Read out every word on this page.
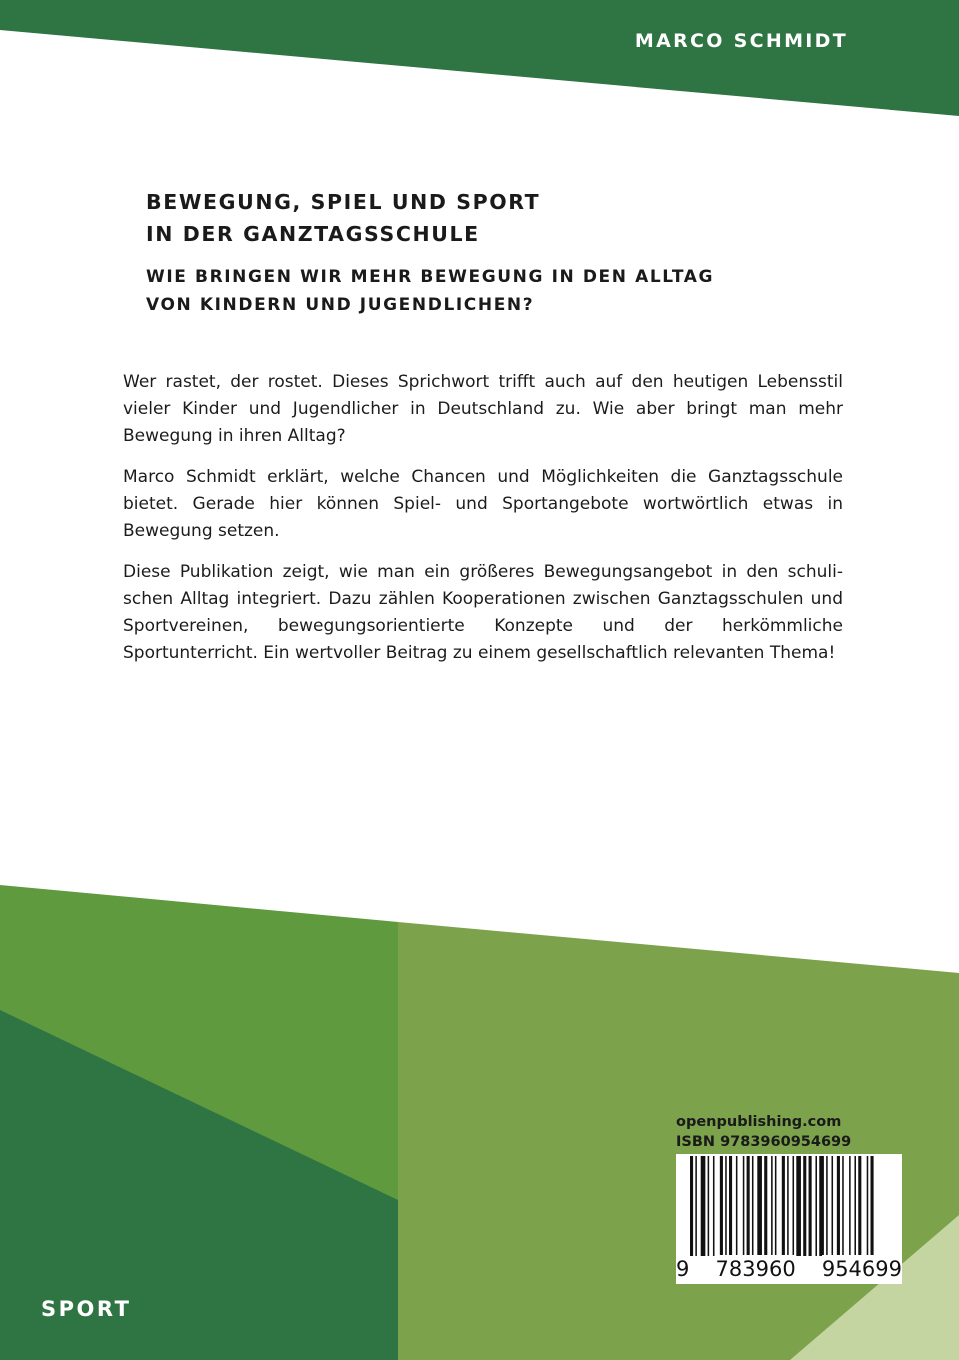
MARCO SCHMIDT
BEWEGUNG, SPIEL UND SPORT
IN DER GANZTAGSSCHULE
WIE BRINGEN WIR MEHR BEWEGUNG IN DEN ALLTAG
VON KINDERN UND JUGENDLICHEN?

Wer rastet, der rostet. Dieses Sprichwort trifft auch auf den heutigen Lebensstil vieler Kinder und Jugendlicher in Deutschland zu. Wie aber bringt man mehr Bewegung in ihren Alltag?

Marco Schmidt erklärt, welche Chancen und Möglichkeiten die Ganztagsschule bietet. Gerade hier können Spiel- und Sportangebote wortwörtlich etwas in Bewegung setzen.

Diese Publikation zeigt, wie man ein größeres Bewegungsangebot in den schulischen Alltag integriert. Dazu zählen Kooperationen zwischen Ganztagsschulen und Sportvereinen, bewegungsorientierte Konzepte und der herkömmliche Sportunterricht. Ein wertvoller Beitrag zu einem gesellschaftlich relevanten Thema!

openpublishing.com
ISBN 9783960954699
9 783960 954699
SPORT
